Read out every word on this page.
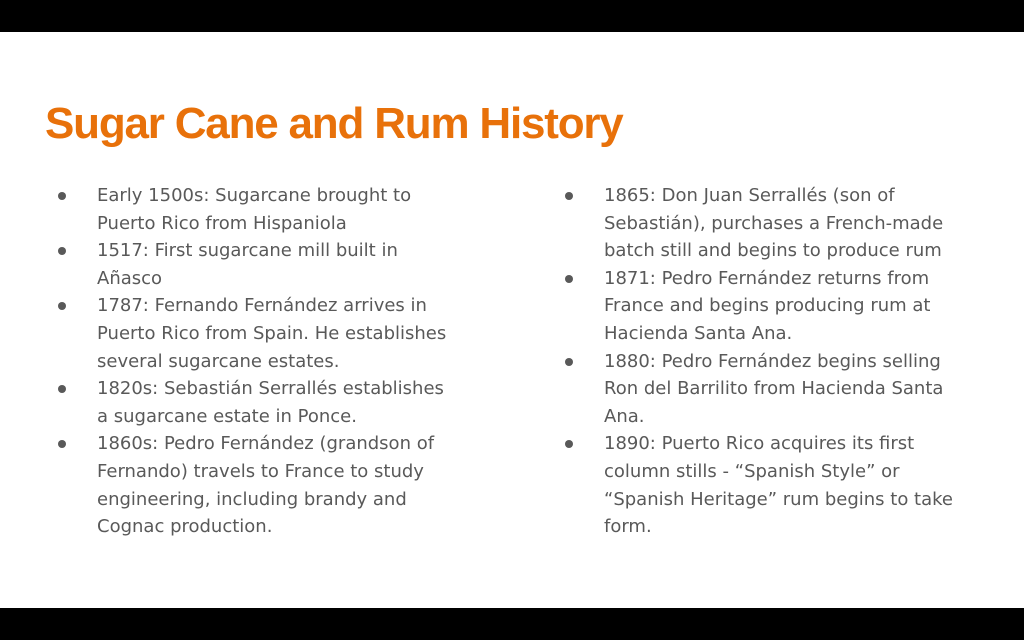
Sugar Cane and Rum History
Early 1500s: Sugarcane brought to Puerto Rico from Hispaniola
1517: First sugarcane mill built in Añasco
1787: Fernando Fernández arrives in Puerto Rico from Spain. He establishes several sugarcane estates.
1820s: Sebastián Serrallés establishes a sugarcane estate in Ponce.
1860s: Pedro Fernández (grandson of Fernando) travels to France to study engineering, including brandy and Cognac production.
1865: Don Juan Serrallés (son of Sebastián), purchases a French-made batch still and begins to produce rum
1871: Pedro Fernández returns from France and begins producing rum at Hacienda Santa Ana.
1880: Pedro Fernández begins selling Ron del Barrilito from Hacienda Santa Ana.
1890: Puerto Rico acquires its first column stills - “Spanish Style” or “Spanish Heritage” rum begins to take form.
